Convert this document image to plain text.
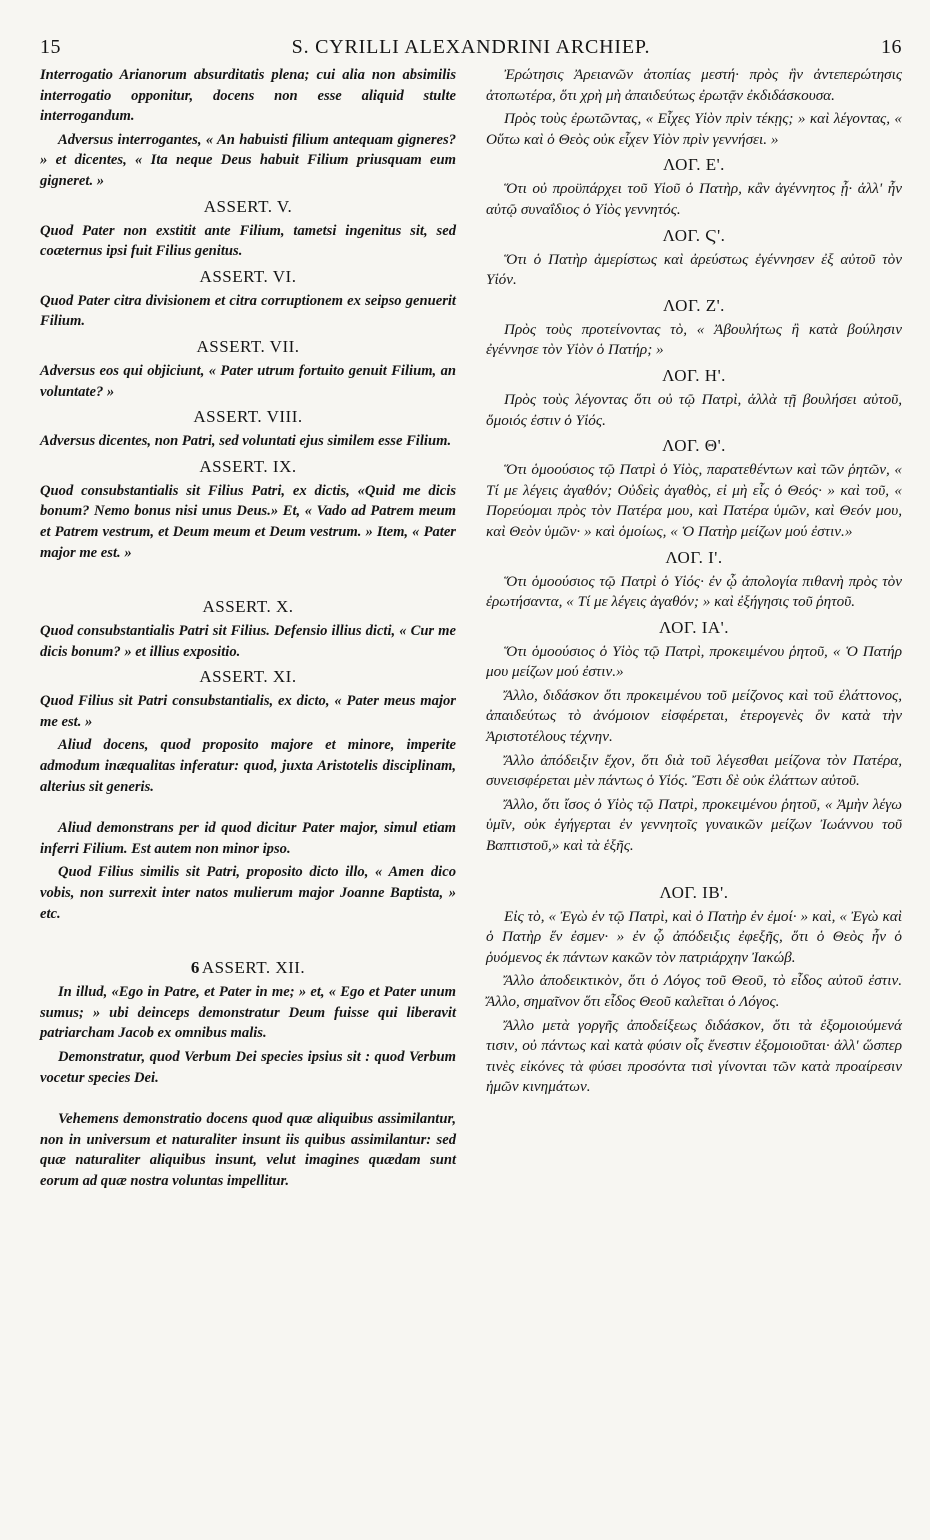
15	S. CYRILLI ALEXANDRINI ARCHIEP.	16

Interrogatio Arianorum absurditatis plena; cui alia non absimilis interrogatio opponitur, docens non esse aliquid stulte interrogandum.

Adversus interrogantes, « An habuisti filium antequam gigneres? » et dicentes, « Ita neque Deus habuit Filium priusquam eum gigneret. »

ASSERT. V.

Quod Pater non exstitit ante Filium, tametsi ingenitus sit, sed coæternus ipsi fuit Filius genitus.

ASSERT. VI.

Quod Pater citra divisionem et citra corruptionem ex seipso genuerit Filium.

ASSERT. VII.

Adversus eos qui objiciunt, « Pater utrum fortuito genuit Filium, an voluntate? »

ASSERT. VIII.

Adversus dicentes, non Patri, sed voluntati ejus similem esse Filium.

ASSERT. IX.

Quod consubstantialis sit Filius Patri, ex dictis, «Quid me dicis bonum? Nemo bonus nisi unus Deus.» Et, « Vado ad Patrem meum et Patrem vestrum, et Deum meum et Deum vestrum. » Item, « Pater major me est. »

ASSERT. X.

Quod consubstantialis Patri sit Filius. Defensio illius dicti, « Cur me dicis bonum? » et illius expositio.

ASSERT. XI.

Quod Filius sit Patri consubstantialis, ex dicto, « Pater meus major me est. »

Aliud docens, quod proposito majore et minore, imperite admodum inæqualitas inferatur: quod, juxta Aristotelis disciplinam, alterius sit generis.

Aliud demonstrans per id quod dicitur Pater major, simul etiam inferri Filium. Est autem non minor ipso.

Quod Filius similis sit Patri, proposito dicto illo, « Amen dico vobis, non surrexit inter natos mulierum major Joanne Baptista, » etc.

6 ASSERT. XII.

In illud, «Ego in Patre, et Pater in me; » et, « Ego et Pater unum sumus; » ubi deinceps demonstratur Deum fuisse qui liberavit patriarcham Jacob ex omnibus malis.

Demonstratur, quod Verbum Dei species ipsius sit : quod Verbum vocetur species Dei.

Vehemens demonstratio docens quod quæ aliquibus assimilantur, non in universum et naturaliter insunt iis quibus assimilantur: sed quæ naturaliter aliquibus insunt, velut imagines quædam sunt eorum ad quæ nostra voluntas impellitur.

Ἐρώτησις Ἀρειανῶν ἀτοπίας μεστή· πρὸς ἣν ἀντεπερώτησις ἀτοπωτέρα, ὅτι χρὴ μὴ ἀπαιδεύτως ἐρωτᾷν ἐκδιδάσκουσα.

Πρὸς τοὺς ἐρωτῶντας, « Εἶχες Υἱὸν πρὶν τέκῃς; » καὶ λέγοντας, « Οὕτω καὶ ὁ Θεὸς οὐκ εἶχεν Υἱὸν πρὶν γεννήσει. »

ΛΟΓ. Ε'.

Ὅτι οὐ προϋπάρχει τοῦ Υἱοῦ ὁ Πατὴρ, κἂν ἀγέννητος ᾖ· ἀλλ' ἦν αὐτῷ συναΐδιος ὁ Υἱὸς γεννητός.

ΛΟΓ. Ϛ'.

Ὅτι ὁ Πατὴρ ἀμερίστως καὶ ἀρεύστως ἐγέννησεν ἐξ αὐτοῦ τὸν Υἱόν.

ΛΟΓ. Ζ'.

Πρὸς τοὺς προτείνοντας τὸ, « Ἀβουλήτως ἢ κατὰ βούλησιν ἐγέννησε τὸν Υἱὸν ὁ Πατήρ; »

ΛΟΓ. Η'.

Πρὸς τοὺς λέγοντας ὅτι οὐ τῷ Πατρὶ, ἀλλὰ τῇ βουλήσει αὐτοῦ, ὅμοιός ἐστιν ὁ Υἱός.

ΛΟΓ. Θ'.

Ὅτι ὁμοούσιος τῷ Πατρὶ ὁ Υἱὸς, παρατεθέντων καὶ τῶν ῥητῶν, « Τί με λέγεις ἀγαθόν; Οὐδεὶς ἀγαθὸς, εἰ μὴ εἷς ὁ Θεός· » καὶ τοῦ, « Πορεύομαι πρὸς τὸν Πατέρα μου, καὶ Πατέρα ὑμῶν, καὶ Θεόν μου, καὶ Θεὸν ὑμῶν· » καὶ ὁμοίως, « Ὁ Πατὴρ μείζων μού ἐστιν.»

ΛΟΓ. Ι'.

Ὅτι ὁμοούσιος τῷ Πατρὶ ὁ Υἱός· ἐν ᾧ ἀπολογία πιθανὴ πρὸς τὸν ἐρωτήσαντα, « Τί με λέγεις ἀγαθόν; » καὶ ἐξήγησις τοῦ ῥητοῦ.

ΛΟΓ. ΙΑ'.

Ὅτι ὁμοούσιος ὁ Υἱὸς τῷ Πατρὶ, προκειμένου ῥητοῦ, « Ὁ Πατήρ μου μείζων μού ἐστιν.»

Ἄλλο, διδάσκον ὅτι προκειμένου τοῦ μείζονος καὶ τοῦ ἐλάττονος, ἀπαιδεύτως τὸ ἀνόμοιον εἰσφέρεται, ἑτερογενὲς ὂν κατὰ τὴν Ἀριστοτέλους τέχνην.

Ἄλλο ἀπόδειξιν ἔχον, ὅτι διὰ τοῦ λέγεσθαι μείζονα τὸν Πατέρα, συνεισφέρεται μὲν πάντως ὁ Υἱός. Ἔστι δὲ οὐκ ἐλάττων αὐτοῦ.

Ἄλλο, ὅτι ἴσος ὁ Υἱὸς τῷ Πατρὶ, προκειμένου ῥητοῦ, « Ἀμὴν λέγω ὑμῖν, οὐκ ἐγήγερται ἐν γεννητοῖς γυναικῶν μείζων Ἰωάννου τοῦ Βαπτιστοῦ,» καὶ τὰ ἑξῆς.

ΛΟΓ. ΙΒ'.

Εἰς τὸ, « Ἐγὼ ἐν τῷ Πατρὶ, καὶ ὁ Πατὴρ ἐν ἐμοί· » καὶ, « Ἐγὼ καὶ ὁ Πατὴρ ἕν ἐσμεν· » ἐν ᾧ ἀπόδειξις ἐφεξῆς, ὅτι ὁ Θεὸς ἦν ὁ ῥυόμενος ἐκ πάντων κακῶν τὸν πατριάρχην Ἰακώβ.

Ἄλλο ἀποδεικτικὸν, ὅτι ὁ Λόγος τοῦ Θεοῦ, τὸ εἶδος αὐτοῦ ἐστιν. Ἄλλο, σημαῖνον ὅτι εἶδος Θεοῦ καλεῖται ὁ Λόγος.

Ἄλλο μετὰ γοργῆς ἀποδείξεως διδάσκον, ὅτι τὰ ἐξομοιούμενά τισιν, οὐ πάντως καὶ κατὰ φύσιν οἷς ἔνεστιν ἐξομοιοῦται· ἀλλ' ὥσπερ τινὲς εἰκόνες τὰ φύσει προσόντα τισὶ γίνονται τῶν κατὰ προαίρεσιν ἡμῶν κινημάτων.
